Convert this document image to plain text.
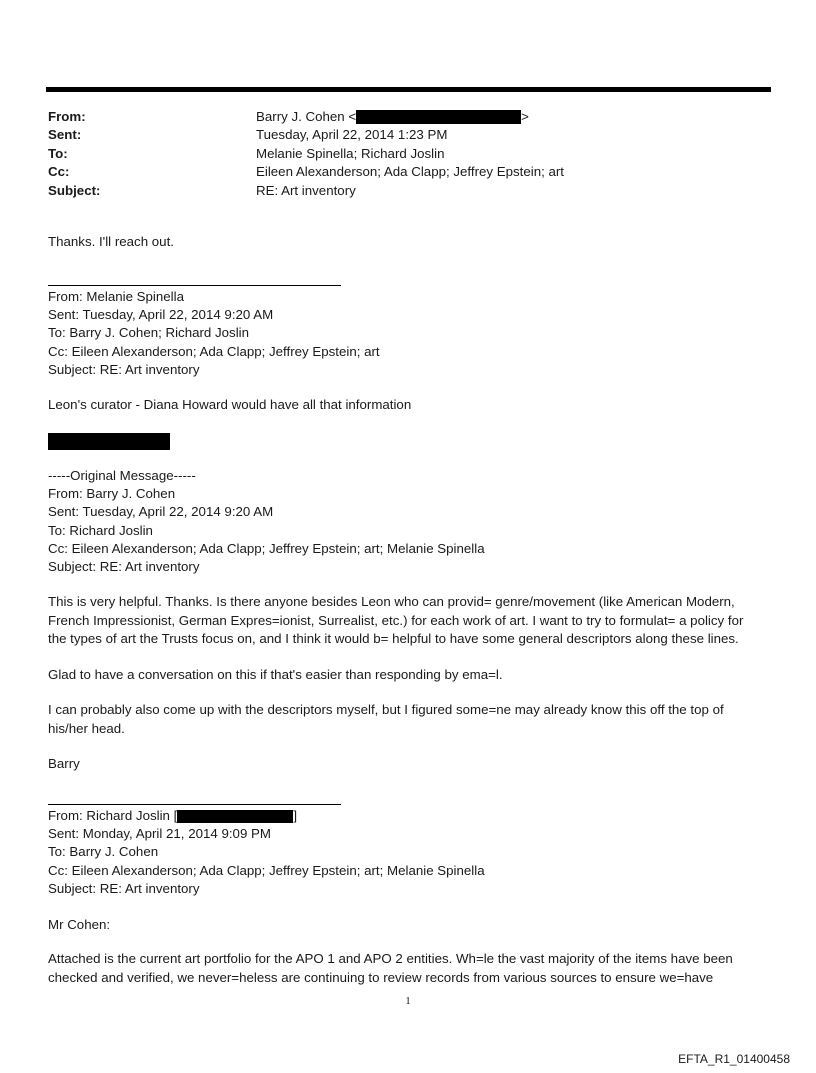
From:	Barry J. Cohen <	>
Sent:	Tuesday, April 22, 2014 1:23 PM
To:	Melanie Spinella; Richard Joslin
Cc:	Eileen Alexanderson; Ada Clapp; Jeffrey Epstein; art
Subject:	RE: Art inventory
Thanks. I'll reach out.
From: Melanie Spinella
Sent: Tuesday, April 22, 2014 9:20 AM
To: Barry J. Cohen; Richard Joslin
Cc: Eileen Alexanderson; Ada Clapp; Jeffrey Epstein; art
Subject: RE: Art inventory
Leon's curator - Diana Howard would have all that information
-----Original Message-----
From: Barry J. Cohen
Sent: Tuesday, April 22, 2014 9:20 AM
To: Richard Joslin
Cc: Eileen Alexanderson; Ada Clapp; Jeffrey Epstein; art; Melanie Spinella
Subject: RE: Art inventory
This is very helpful. Thanks. Is there anyone besides Leon who can provid= genre/movement (like American Modern, French Impressionist, German Expres=ionist, Surrealist, etc.) for each work of art. I want to try to formulat= a policy for the types of art the Trusts focus on, and I think it would b= helpful to have some general descriptors along these lines.
Glad to have a conversation on this if that's easier than responding by ema=l.
I can probably also come up with the descriptors myself, but I figured some=ne may already know this off the top of his/her head.
Barry
From: Richard Joslin [	]
Sent: Monday, April 21, 2014 9:09 PM
To: Barry J. Cohen
Cc: Eileen Alexanderson; Ada Clapp; Jeffrey Epstein; art; Melanie Spinella
Subject: RE: Art inventory
Mr Cohen:
Attached is the current art portfolio for the APO 1 and APO 2 entities. Wh=le the vast majority of the items have been checked and verified, we never=heless are continuing to review records from various sources to ensure we=have
1
EFTA_R1_01400458
